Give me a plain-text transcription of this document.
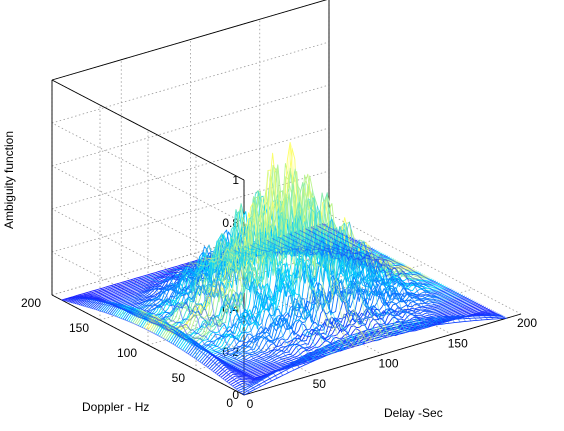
0
50
100
150
200
0
50
100
150
200
0
0.2
0.4
0.6
0.8
1
Ambiguity function
Doppler - Hz	Delay -Sec
